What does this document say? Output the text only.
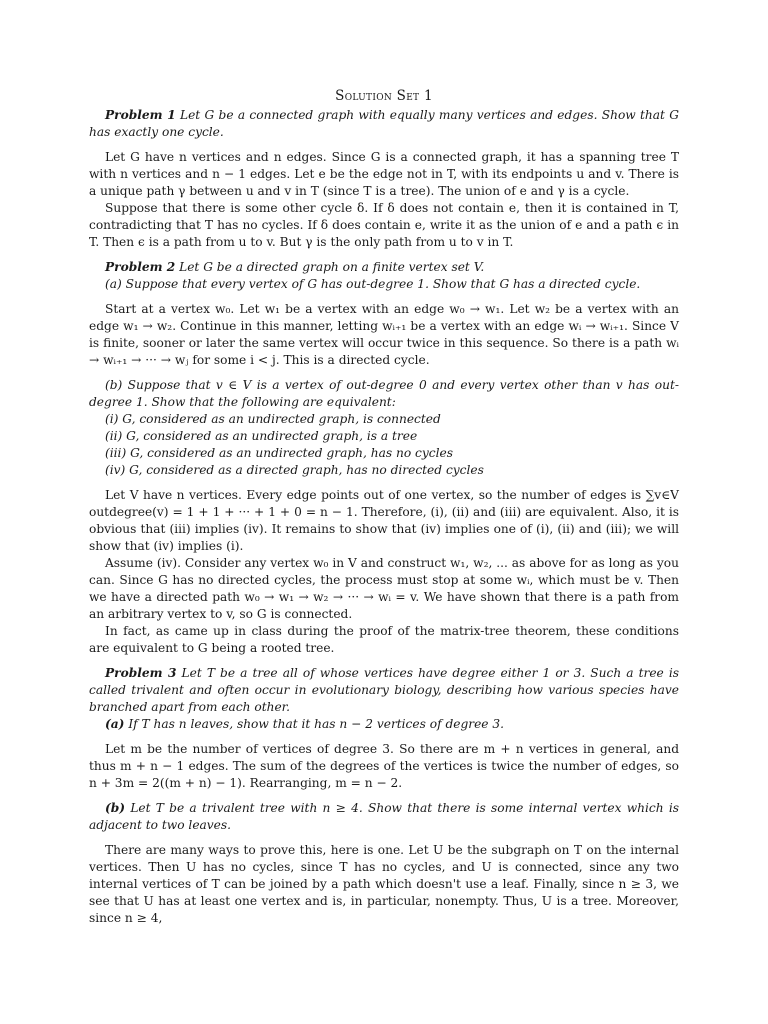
Solution Set 1

Problem 1 Let G be a connected graph with equally many vertices and edges. Show that G has exactly one cycle.

Let G have n vertices and n edges. Since G is a connected graph, it has a spanning tree T with n vertices and n − 1 edges. Let e be the edge not in T, with its endpoints u and v. There is a unique path γ between u and v in T (since T is a tree). The union of e and γ is a cycle.

Suppose that there is some other cycle δ. If δ does not contain e, then it is contained in T, contradicting that T has no cycles. If δ does contain e, write it as the union of e and a path ϵ in T. Then ϵ is a path from u to v. But γ is the only path from u to v in T.

Problem 2 Let G be a directed graph on a finite vertex set V.

(a) Suppose that every vertex of G has out-degree 1. Show that G has a directed cycle.

Start at a vertex w₀. Let w₁ be a vertex with an edge w₀ → w₁. Let w₂ be a vertex with an edge w₁ → w₂. Continue in this manner, letting wᵢ₊₁ be a vertex with an edge wᵢ → wᵢ₊₁. Since V is finite, sooner or later the same vertex will occur twice in this sequence. So there is a path wᵢ → wᵢ₊₁ → ··· → wⱼ for some i < j. This is a directed cycle.

(b) Suppose that v ∈ V is a vertex of out-degree 0 and every vertex other than v has out-degree 1. Show that the following are equivalent:

(i) G, considered as an undirected graph, is connected

(ii) G, considered as an undirected graph, is a tree

(iii) G, considered as an undirected graph, has no cycles

(iv) G, considered as a directed graph, has no directed cycles

Let V have n vertices. Every edge points out of one vertex, so the number of edges is ∑v∈V outdegree(v) = 1 + 1 + ··· + 1 + 0 = n − 1. Therefore, (i), (ii) and (iii) are equivalent. Also, it is obvious that (iii) implies (iv). It remains to show that (iv) implies one of (i), (ii) and (iii); we will show that (iv) implies (i).

Assume (iv). Consider any vertex w₀ in V and construct w₁, w₂, ... as above for as long as you can. Since G has no directed cycles, the process must stop at some wᵢ, which must be v. Then we have a directed path w₀ → w₁ → w₂ → ··· → wᵢ = v. We have shown that there is a path from an arbitrary vertex to v, so G is connected.

In fact, as came up in class during the proof of the matrix-tree theorem, these conditions are equivalent to G being a rooted tree.

Problem 3 Let T be a tree all of whose vertices have degree either 1 or 3. Such a tree is called trivalent and often occur in evolutionary biology, describing how various species have branched apart from each other.

(a) If T has n leaves, show that it has n − 2 vertices of degree 3.

Let m be the number of vertices of degree 3. So there are m + n vertices in general, and thus m + n − 1 edges. The sum of the degrees of the vertices is twice the number of edges, so n + 3m = 2((m + n) − 1). Rearranging, m = n − 2.

(b) Let T be a trivalent tree with n ≥ 4. Show that there is some internal vertex which is adjacent to two leaves.

There are many ways to prove this, here is one. Let U be the subgraph on T on the internal vertices. Then U has no cycles, since T has no cycles, and U is connected, since any two internal vertices of T can be joined by a path which doesn't use a leaf. Finally, since n ≥ 3, we see that U has at least one vertex and is, in particular, nonempty. Thus, U is a tree. Moreover, since n ≥ 4,
